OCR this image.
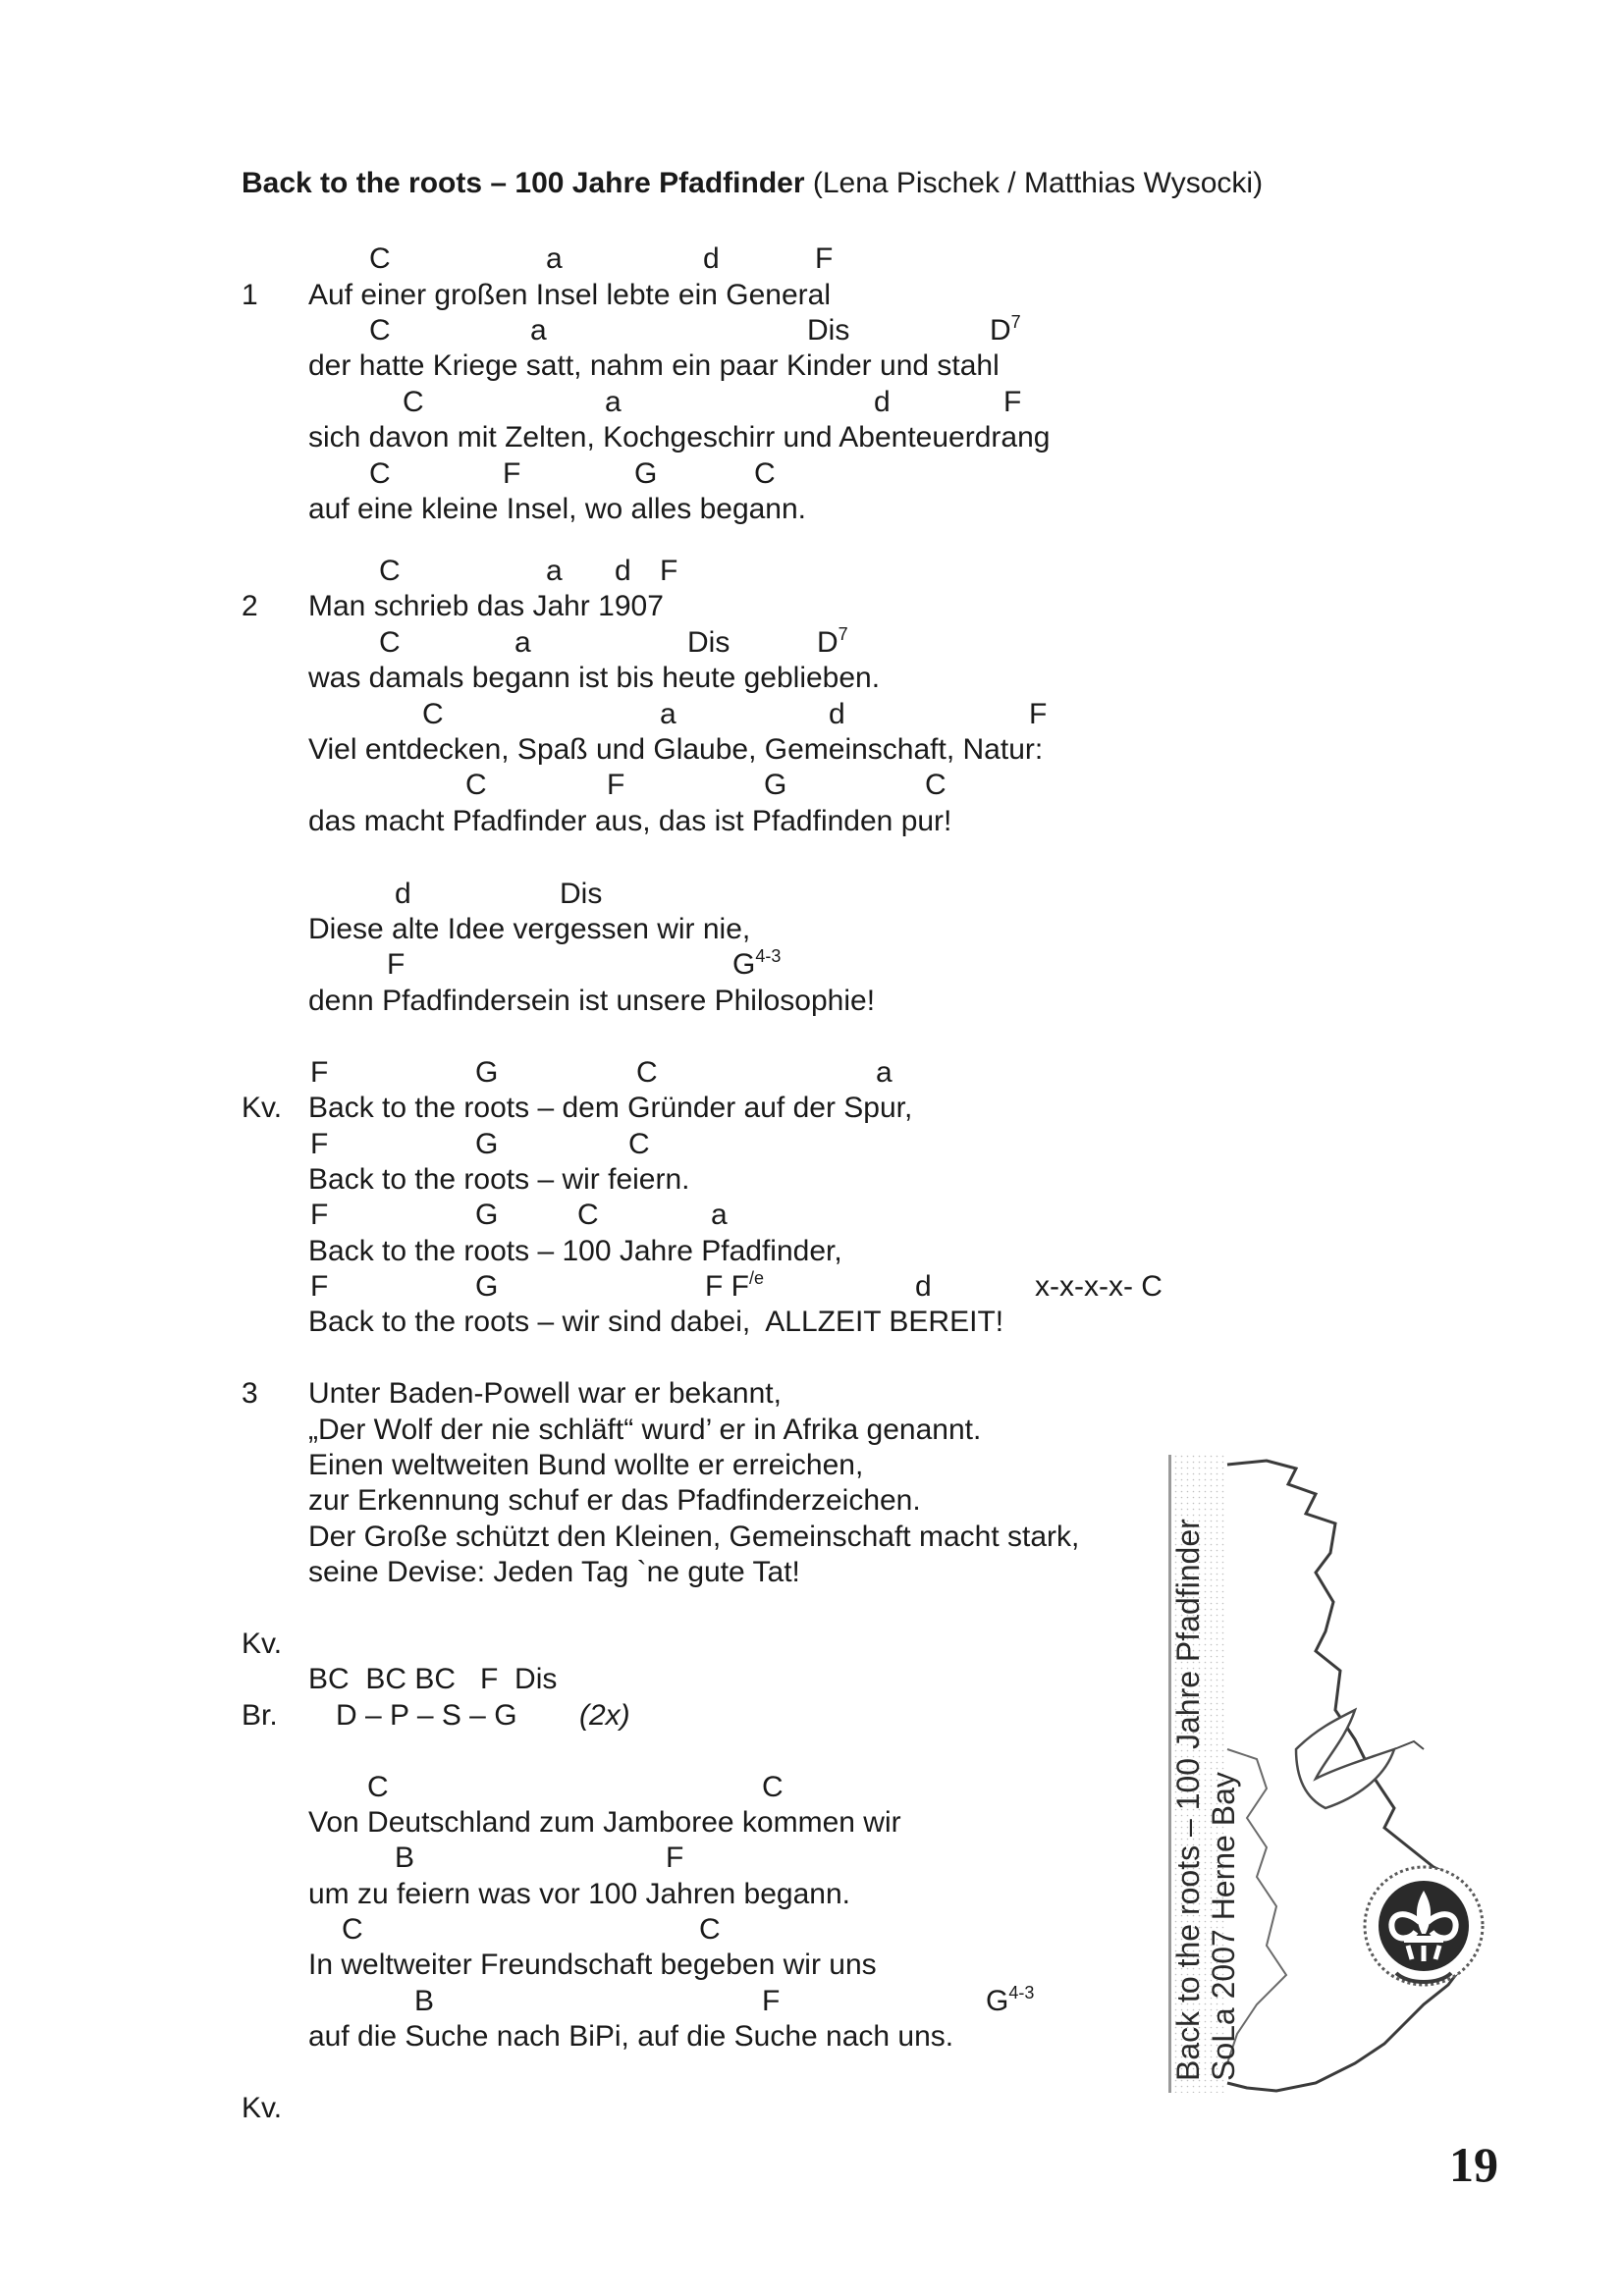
Back to the roots – 100 Jahre Pfadfinder (Lena Pischek / Matthias Wysocki)
1
C	a	d	F
Auf einer großen Insel lebte ein General
C	a	Dis	$D^7$
der hatte Kriege satt, nahm ein paar Kinder und stahl
C	a	d	F
sich davon mit Zelten, Kochgeschirr und Abenteuerdrang
C	F	G	C
auf eine kleine Insel, wo alles begann.
2
C	a d F
Man schrieb das Jahr 1907
C	a	Dis	$D^7$
was damals begann ist bis heute geblieben.
C	a	d	F
Viel entdecken, Spaß und Glaube, Gemeinschaft, Natur:
C	F	G	C
das macht Pfadfinder aus, das ist Pfadfinden pur!
d	Dis
Diese alte Idee vergessen wir nie,
F	$G^{4-3}$
denn Pfadfindersein ist unsere Philosophie!
Kv.
F	G	C	a
Back to the roots – dem Gründer auf der Spur,
F	G	C
Back to the roots – wir feiern.
F	G	C	a
Back to the roots – 100 Jahre Pfadfinder,
F	G	F $F^{/e}$	d	x-x-x-x- C
Back to the roots – wir sind dabei,  ALLZEIT BEREIT!
3 Unter Baden-Powell war er bekannt,
„Der Wolf der nie schläft“ wurd’ er in Afrika genannt.
Einen weltweiten Bund wollte er erreichen,
zur Erkennung schuf er das Pfadfinderzeichen.
Der Große schützt den Kleinen, Gemeinschaft macht stark,
seine Devise: Jeden Tag `ne gute Tat!
Kv.
BC  BC BC   F  Dis
Br. D – P – S – G (2x)
C	C
Von Deutschland zum Jamboree kommen wir
B	F
um zu feiern was vor 100 Jahren begann.
C	C
In weltweiter Freundschaft begeben wir uns
B	F	$G^{4-3}$
auf die Suche nach BiPi, auf die Suche nach uns.
Kv.
Back to the roots – 100 Jahre Pfadfinder SoLa 2007 Herne Bay
19
